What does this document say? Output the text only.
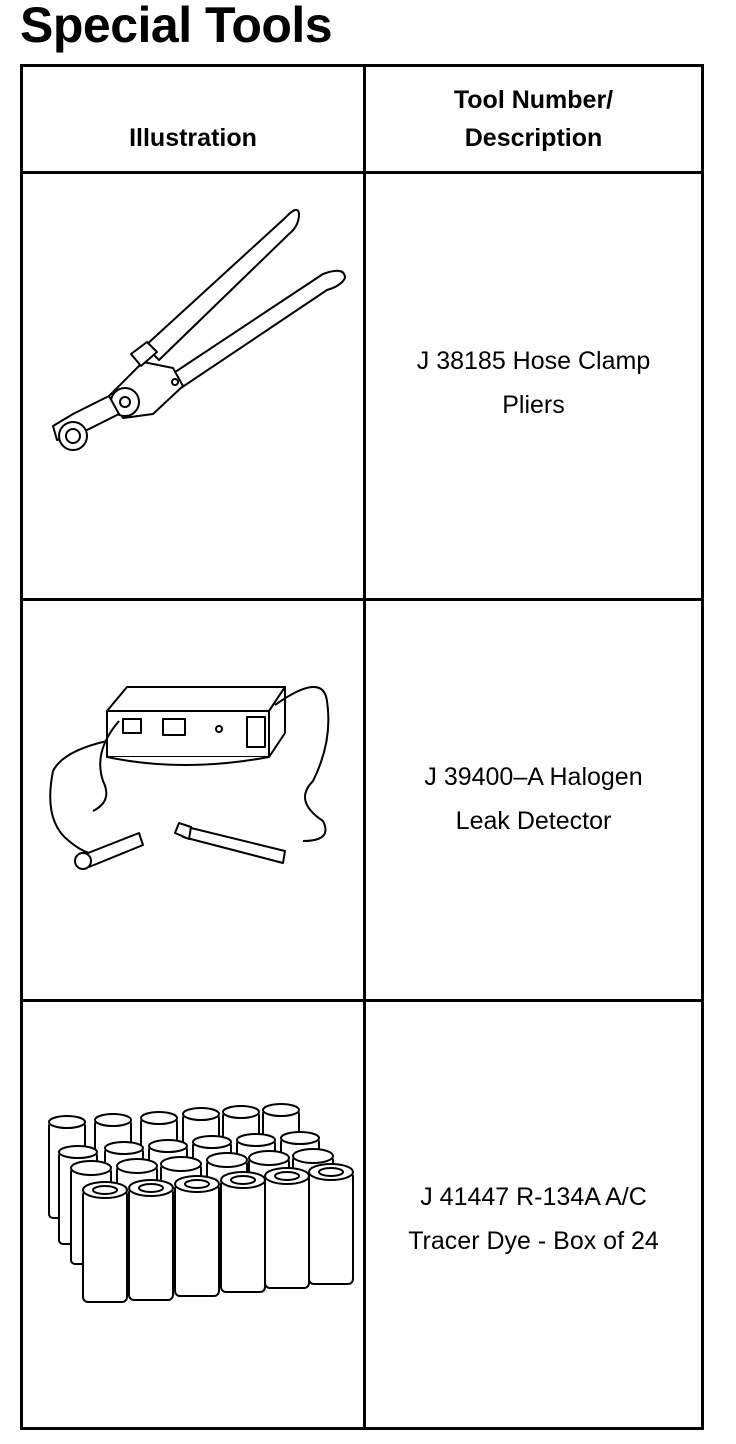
Special Tools
Illustration
Tool Number/
Description
J 38185 Hose Clamp
Pliers
J 39400–A Halogen
Leak Detector
J 41447 R-134A A/C
Tracer Dye - Box of 24
